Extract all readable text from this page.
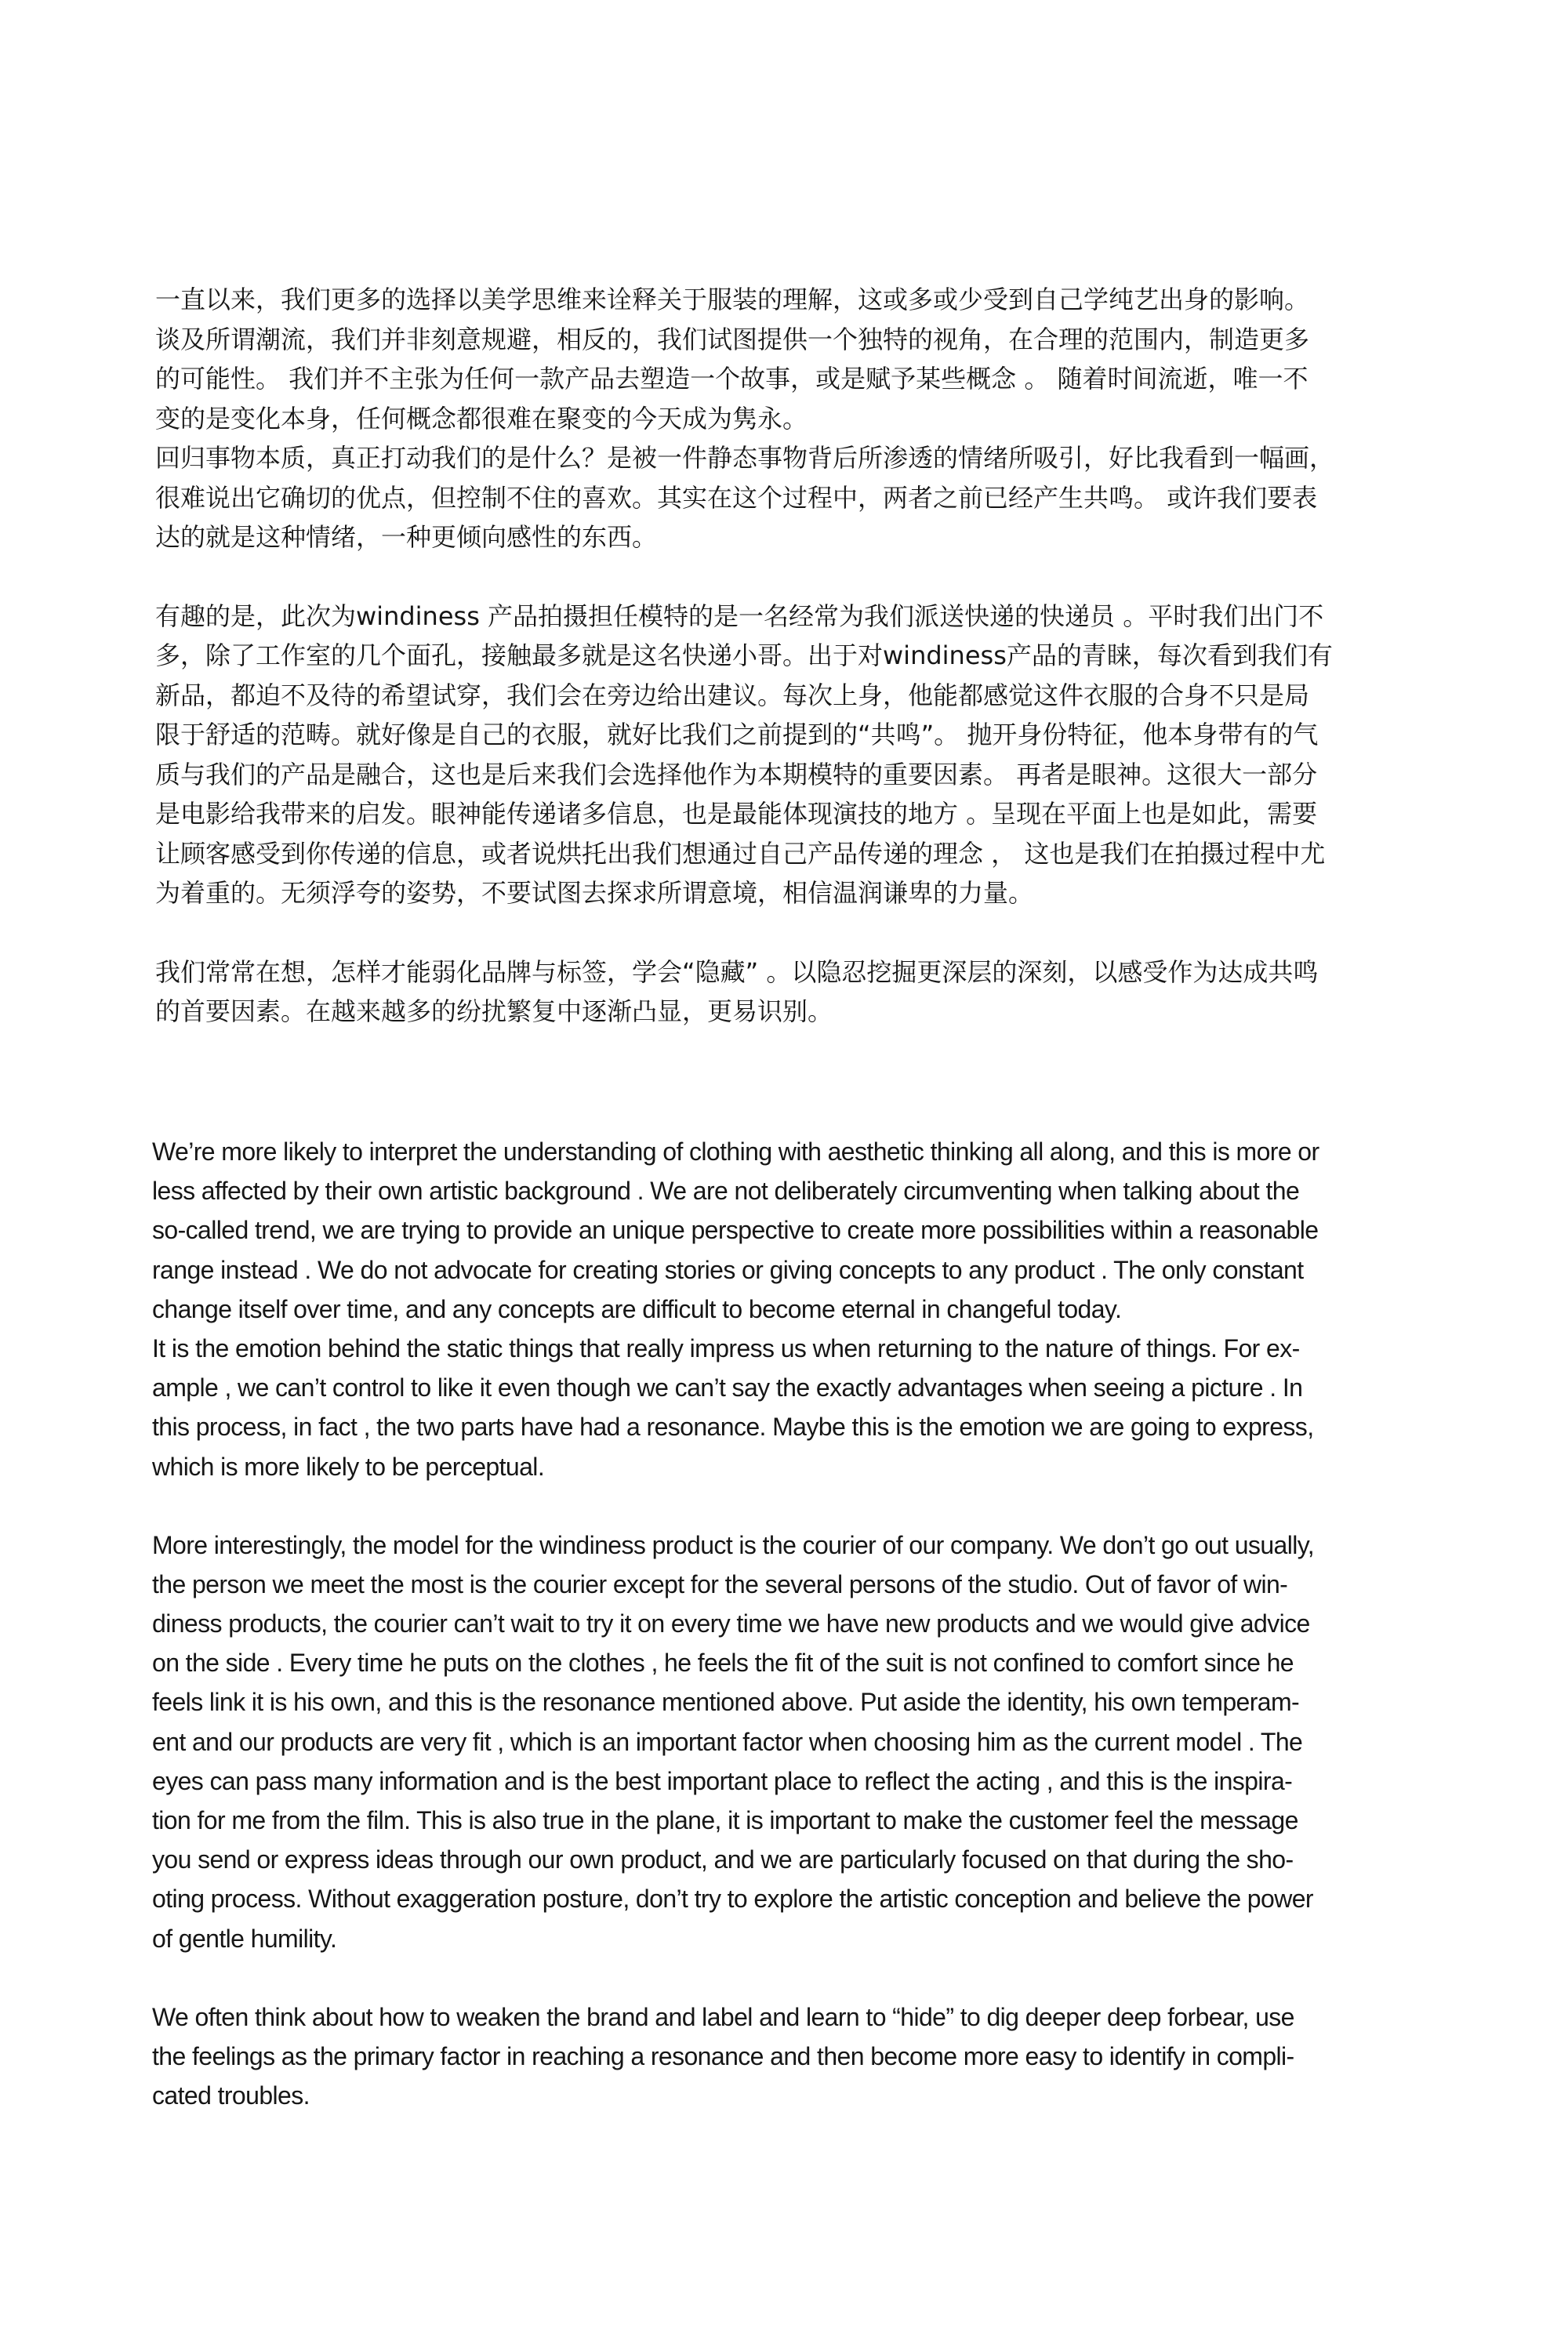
一直以来，我们更多的选择以美学思维来诠释关于服装的理解，这或多或少受到自己学纯艺出身的影响。
谈及所谓潮流，我们并非刻意规避，相反的，我们试图提供一个独特的视角，在合理的范围内，制造更多
的可能性。 我们并不主张为任何一款产品去塑造一个故事，或是赋予某些概念 。 随着时间流逝，唯一不
变的是变化本身，任何概念都很难在聚变的今天成为隽永。
回归事物本质，真正打动我们的是什么？是被一件静态事物背后所渗透的情绪所吸引，好比我看到一幅画，
很难说出它确切的优点，但控制不住的喜欢。其实在这个过程中，两者之前已经产生共鸣。 或许我们要表
达的就是这种情绪，一种更倾向感性的东西。
有趣的是，此次为windiness 产品拍摄担任模特的是一名经常为我们派送快递的快递员 。平时我们出门不
多，除了工作室的几个面孔，接触最多就是这名快递小哥。出于对windiness产品的青睐，每次看到我们有
新品，都迫不及待的希望试穿，我们会在旁边给出建议。每次上身，他能都感觉这件衣服的合身不只是局
限于舒适的范畴。就好像是自己的衣服，就好比我们之前提到的“共鸣”。 抛开身份特征，他本身带有的气
质与我们的产品是融合，这也是后来我们会选择他作为本期模特的重要因素。 再者是眼神。这很大一部分
是电影给我带来的启发。眼神能传递诸多信息，也是最能体现演技的地方 。呈现在平面上也是如此，需要
让顾客感受到你传递的信息，或者说烘托出我们想通过自己产品传递的理念 ， 这也是我们在拍摄过程中尤
为着重的。无须浮夸的姿势，不要试图去探求所谓意境，相信温润谦卑的力量。
我们常常在想，怎样才能弱化品牌与标签，学会“隐藏” 。以隐忍挖掘更深层的深刻，以感受作为达成共鸣
的首要因素。在越来越多的纷扰繁复中逐渐凸显，更易识别。
We’re more likely to interpret the understanding of clothing with aesthetic thinking all along, and this is more or
less affected by their own artistic background . We are not deliberately circumventing when talking about the
so-called trend, we are trying to provide an unique perspective to create more possibilities within a reasonable
range instead . We do not advocate for creating stories or giving concepts to any product . The only constant
change itself over time, and any concepts are difficult to become eternal in changeful today.
It is the emotion behind the static things that really impress us when returning to the nature of things. For ex-
ample , we can’t control to like it even though we can’t say the exactly advantages when seeing a picture . In
this process, in fact , the two parts have had a resonance. Maybe this is the emotion we are going to express,
which is more likely to be perceptual.
More interestingly, the model for the windiness product is the courier of our company. We don’t go out usually,
the person we meet the most is the courier except for the several persons of the studio. Out of favor of win-
diness products, the courier can’t wait to try it on every time we have new products and we would give advice
on the side . Every time he puts on the clothes , he feels the fit of the suit is not confined to comfort since he
feels link it is his own, and this is the resonance mentioned above. Put aside the identity, his own temperam-
ent and our products are very fit , which is an important factor when choosing him as the current model . The
eyes can pass many information and is the best important place to reflect the acting , and this is the inspira-
tion for me from the film. This is also true in the plane, it is important to make the customer feel the message
you send or express ideas through our own product, and we are particularly focused on that during the sho-
oting process. Without exaggeration posture, don’t try to explore the artistic conception and believe the power
of gentle humility.
We often think about how to weaken the brand and label and learn to “hide” to dig deeper deep forbear, use
the feelings as the primary factor in reaching a resonance and then become more easy to identify in compli-
cated troubles.
